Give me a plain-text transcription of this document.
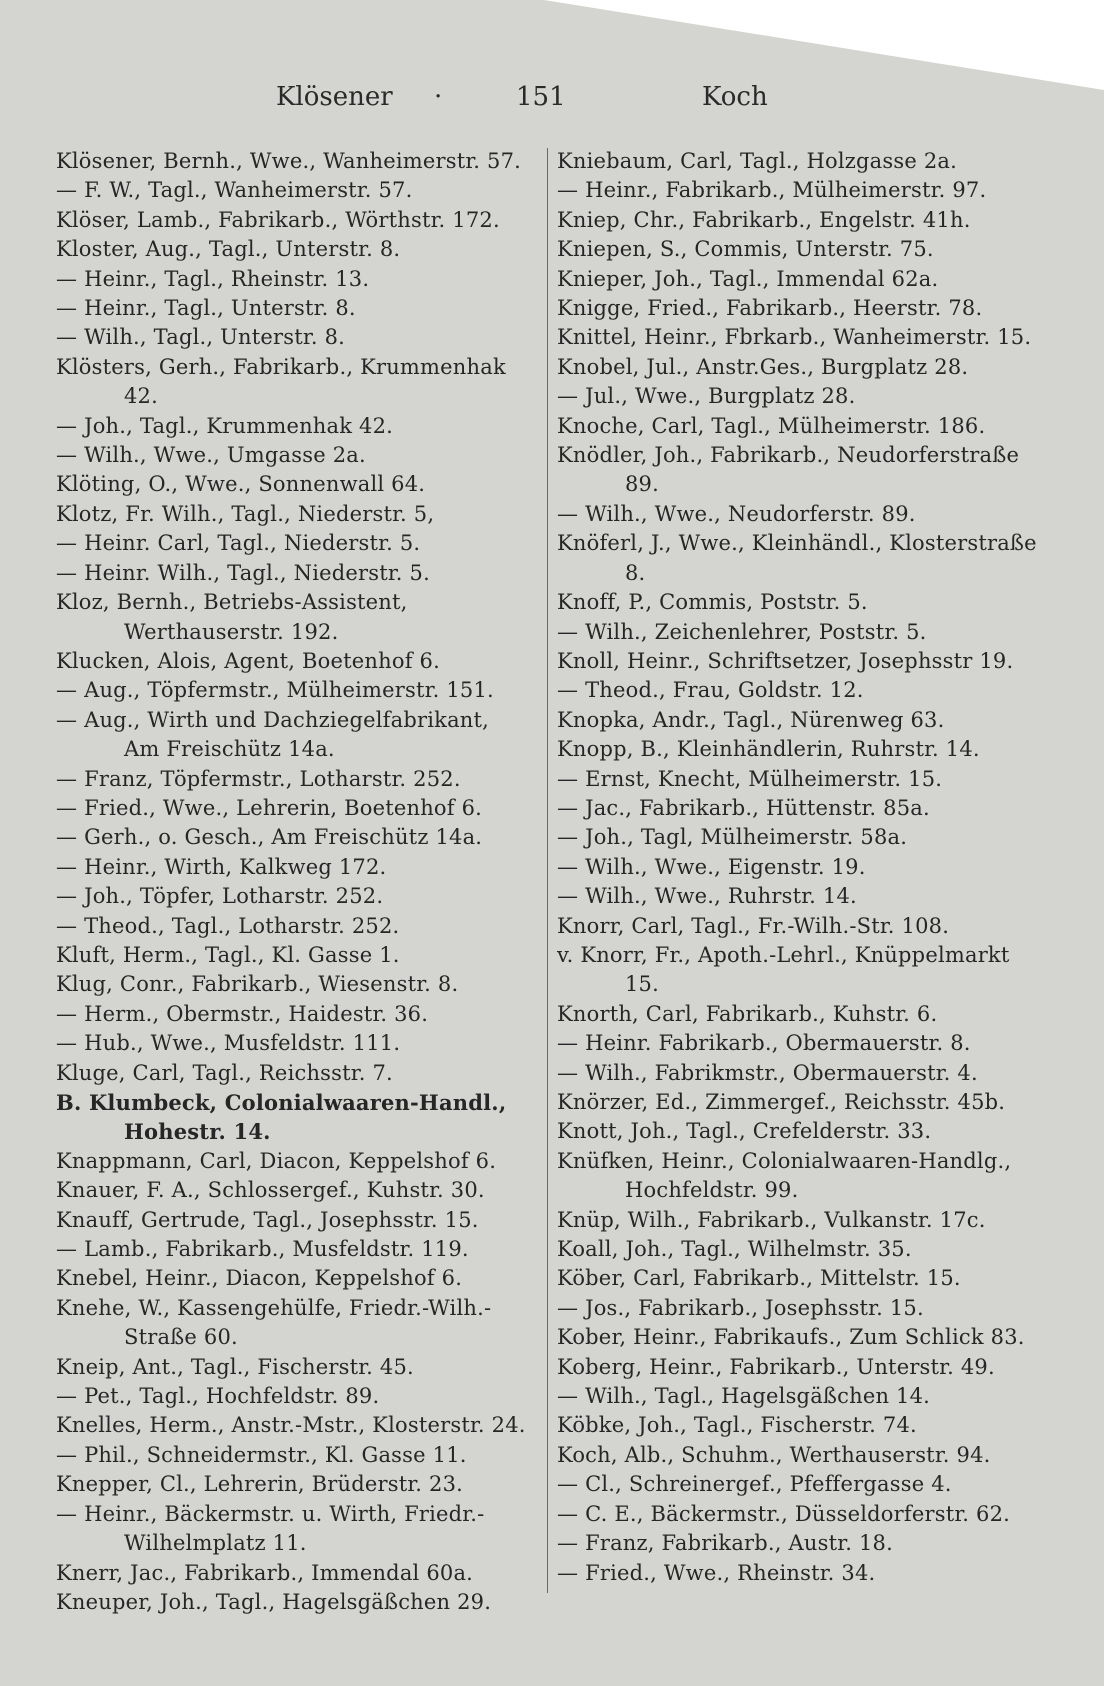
Klösener ·	151	Koch

Klösener, Bernh., Wwe., Wanheimerstr. 57.

— F. W., Tagl., Wanheimerstr. 57.

Klöser, Lamb., Fabrikarb., Wörthstr. 172.

Kloster, Aug., Tagl., Unterstr. 8.

— Heinr., Tagl., Rheinstr. 13.

— Heinr., Tagl., Unterstr. 8.

— Wilh., Tagl., Unterstr. 8.

Klösters, Gerh., Fabrikarb., Krummenhak 42.

— Joh., Tagl., Krummenhak 42.

— Wilh., Wwe., Umgasse 2a.

Klöting, O., Wwe., Sonnenwall 64.

Klotz, Fr. Wilh., Tagl., Niederstr. 5,

— Heinr. Carl, Tagl., Niederstr. 5.

— Heinr. Wilh., Tagl., Niederstr. 5.

Kloz, Bernh., Betriebs-Assistent, Werthauserstr. 192.

Klucken, Alois, Agent, Boetenhof 6.

— Aug., Töpfermstr., Mülheimerstr. 151.

— Aug., Wirth und Dachziegelfabrikant, Am Freischütz 14a.

— Franz, Töpfermstr., Lotharstr. 252.

— Fried., Wwe., Lehrerin, Boetenhof 6.

— Gerh., o. Gesch., Am Freischütz 14a.

— Heinr., Wirth, Kalkweg 172.

— Joh., Töpfer, Lotharstr. 252.

— Theod., Tagl., Lotharstr. 252.

Kluft, Herm., Tagl., Kl. Gasse 1.

Klug, Conr., Fabrikarb., Wiesenstr. 8.

— Herm., Obermstr., Haidestr. 36.

— Hub., Wwe., Musfeldstr. 111.

Kluge, Carl, Tagl., Reichsstr. 7.

B. Klumbeck, Colonialwaaren-Handl., Hohestr. 14.

Knappmann, Carl, Diacon, Keppelshof 6.

Knauer, F. A., Schlossergef., Kuhstr. 30.

Knauff, Gertrude, Tagl., Josephsstr. 15.

— Lamb., Fabrikarb., Musfeldstr. 119.

Knebel, Heinr., Diacon, Keppelshof 6.

Knehe, W., Kassengehülfe, Friedr.-Wilh.-Straße 60.

Kneip, Ant., Tagl., Fischerstr. 45.

— Pet., Tagl., Hochfeldstr. 89.

Knelles, Herm., Anstr.-Mstr., Klosterstr. 24.

— Phil., Schneidermstr., Kl. Gasse 11.

Knepper, Cl., Lehrerin, Brüderstr. 23.

— Heinr., Bäckermstr. u. Wirth, Friedr.-Wilhelmplatz 11.

Knerr, Jac., Fabrikarb., Immendal 60a.

Kneuper, Joh., Tagl., Hagelsgäßchen 29.

Kniebaum, Carl, Tagl., Holzgasse 2a.

— Heinr., Fabrikarb., Mülheimerstr. 97.

Kniep, Chr., Fabrikarb., Engelstr. 41h.

Kniepen, S., Commis, Unterstr. 75.

Knieper, Joh., Tagl., Immendal 62a.

Knigge, Fried., Fabrikarb., Heerstr. 78.

Knittel, Heinr., Fbrkarb., Wanheimerstr. 15.

Knobel, Jul., Anstr.Ges., Burgplatz 28.

— Jul., Wwe., Burgplatz 28.

Knoche, Carl, Tagl., Mülheimerstr. 186.

Knödler, Joh., Fabrikarb., Neudorferstraße 89.

— Wilh., Wwe., Neudorferstr. 89.

Knöferl, J., Wwe., Kleinhändl., Klosterstraße 8.

Knoff, P., Commis, Poststr. 5.

— Wilh., Zeichenlehrer, Poststr. 5.

Knoll, Heinr., Schriftsetzer, Josephsstr 19.

— Theod., Frau, Goldstr. 12.

Knopka, Andr., Tagl., Nürenweg 63.

Knopp, B., Kleinhändlerin, Ruhrstr. 14.

— Ernst, Knecht, Mülheimerstr. 15.

— Jac., Fabrikarb., Hüttenstr. 85a.

— Joh., Tagl, Mülheimerstr. 58a.

— Wilh., Wwe., Eigenstr. 19.

— Wilh., Wwe., Ruhrstr. 14.

Knorr, Carl, Tagl., Fr.-Wilh.-Str. 108.

v. Knorr, Fr., Apoth.-Lehrl., Knüppelmarkt 15.

Knorth, Carl, Fabrikarb., Kuhstr. 6.

— Heinr. Fabrikarb., Obermauerstr. 8.

— Wilh., Fabrikmstr., Obermauerstr. 4.

Knörzer, Ed., Zimmergef., Reichsstr. 45b.

Knott, Joh., Tagl., Crefelderstr. 33.

Knüfken, Heinr., Colonialwaaren-Handlg., Hochfeldstr. 99.

Knüp, Wilh., Fabrikarb., Vulkanstr. 17c.

Koall, Joh., Tagl., Wilhelmstr. 35.

Köber, Carl, Fabrikarb., Mittelstr. 15.

— Jos., Fabrikarb., Josephsstr. 15.

Kober, Heinr., Fabrikaufs., Zum Schlick 83.

Koberg, Heinr., Fabrikarb., Unterstr. 49.

— Wilh., Tagl., Hagelsgäßchen 14.

Köbke, Joh., Tagl., Fischerstr. 74.

Koch, Alb., Schuhm., Werthauserstr. 94.

— Cl., Schreinergef., Pfeffergasse 4.

— C. E., Bäckermstr., Düsseldorferstr. 62.

— Franz, Fabrikarb., Austr. 18.

— Fried., Wwe., Rheinstr. 34.
